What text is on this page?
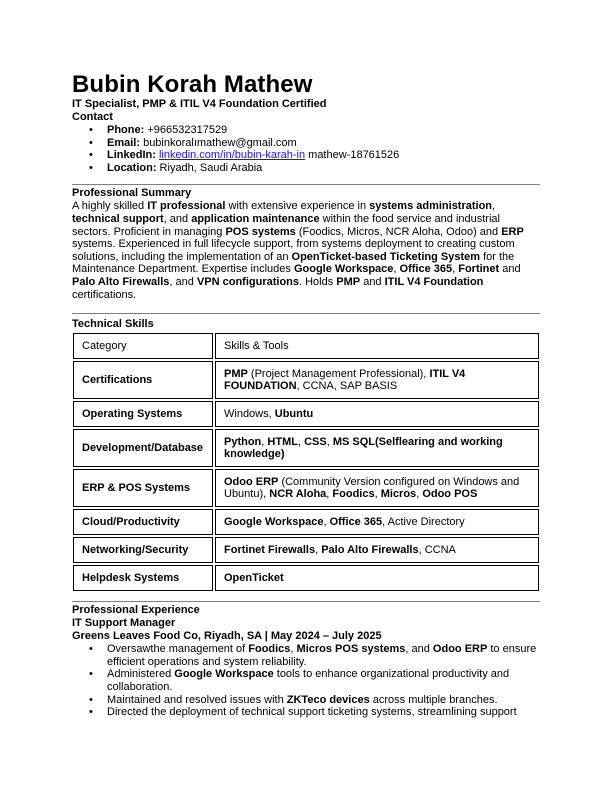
Bubin Korah Mathew
IT Specialist, PMP & ITIL V4 Foundation Certified
Contact
• Phone: +966532317529
• Email: bubinkoralımathew@gmail.com
• LinkedIn: linkedin.com/in/bubin-karah-in mathew-18761526
• Location: Riyadh, Saudi Arabia
Professional Summary
A highly skilled IT professional with extensive experience in systems administration, technical support, and application maintenance within the food service and industrial sectors. Proficient in managing POS systems (Foodics, Micros, NCR Aloha, Odoo) and ERP systems. Experienced in full lifecycle support, from systems deployment to creating custom solutions, including the implementation of an OpenTicket-based Ticketing System for the Maintenance Department. Expertise includes Google Workspace, Office 365, Fortinet and Palo Alto Firewalls, and VPN configurations. Holds PMP and ITIL V4 Foundation certifications.
Technical Skills
Category	Skills & Tools
Certifications	PMP (Project Management Professional), ITIL V4 FOUNDATION, CCNA, SAP BASIS
Operating Systems	Windows, Ubuntu
Development/Database	Python, HTML, CSS, MS SQL(Selflearing and working knowledge)
ERP & POS Systems	Odoo ERP (Community Version configured on Windows and Ubuntu), NCR Aloha, Foodics, Micros, Odoo POS
Cloud/Productivity	Google Workspace, Office 365, Active Directory
Networking/Security	Fortinet Firewalls, Palo Alto Firewalls, CCNA
Helpdesk Systems	OpenTicket
Professional Experience
IT Support Manager
Greens Leaves Food Co, Riyadh, SA | May 2024 – July 2025
• Oversawthe management of Foodics, Micros POS systems, and Odoo ERP to ensure efficient operations and system reliability.
• Administered Google Workspace tools to enhance organizational productivity and collaboration.
• Maintained and resolved issues with ZKTeco devices across multiple branches.
• Directed the deployment of technical support ticketing systems, streamlining support
